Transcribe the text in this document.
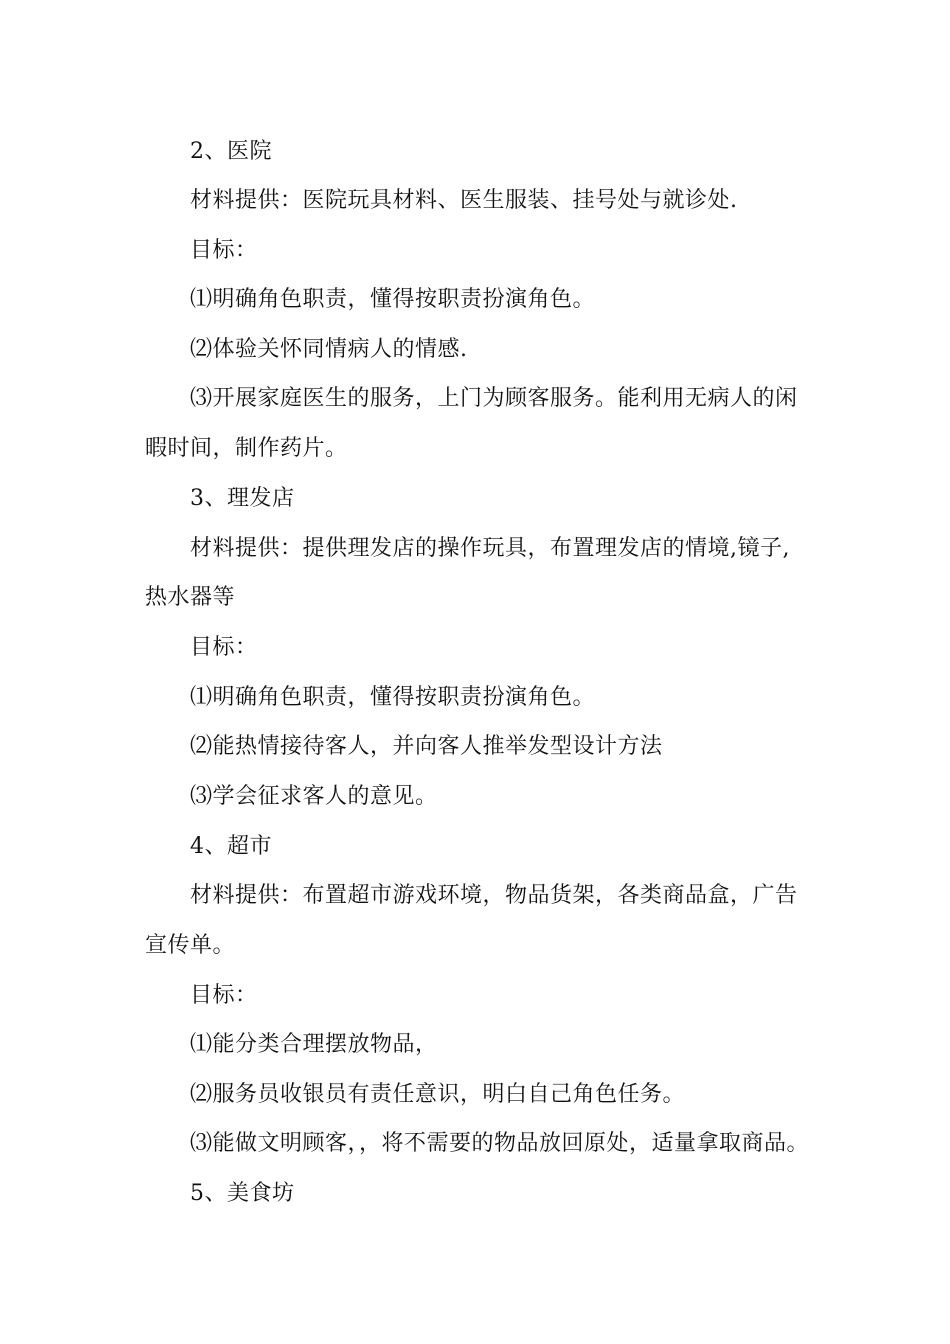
2、医院
材料提供：医院玩具材料、医生服装、挂号处与就诊处.
目标：
⑴明确角色职责，懂得按职责扮演角色。
⑵体验关怀同情病人的情感.
⑶开展家庭医生的服务，上门为顾客服务。能利用无病人的闲
暇时间，制作药片。
3、理发店
材料提供：提供理发店的操作玩具，布置理发店的情境,镜子,
热水器等
目标：
⑴明确角色职责，懂得按职责扮演角色。
⑵能热情接待客人，并向客人推举发型设计方法
⑶学会征求客人的意见。
4、超市
材料提供：布置超市游戏环境，物品货架，各类商品盒，广告
宣传单。
目标：
⑴能分类合理摆放物品，
⑵服务员收银员有责任意识，明白自己角色任务。
⑶能做文明顾客，，将不需要的物品放回原处，适量拿取商品。
5、美食坊
